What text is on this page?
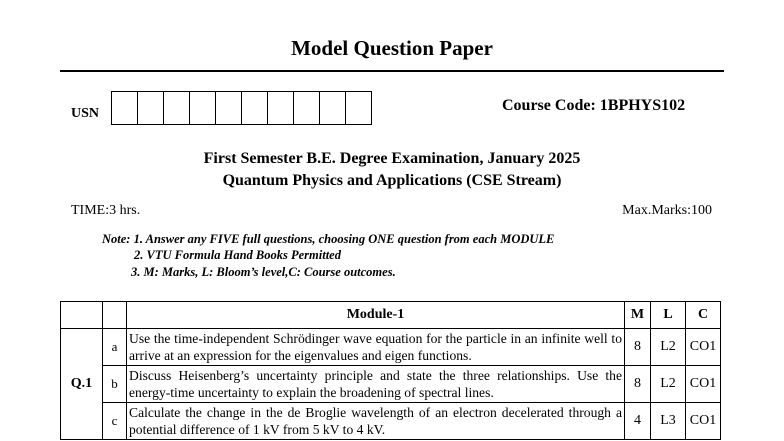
Model Question Paper
USN	Course Code: 1BPHYS102
First Semester B.E. Degree Examination, January 2025
Quantum Physics and Applications (CSE Stream)
TIME:3 hrs.	Max.Marks:100
Note: 1. Answer any FIVE full questions, choosing ONE question from each MODULE
2. VTU Formula Hand Books Permitted
3. M: Marks, L: Bloom’s level,C: Course outcomes.
		Module-1	M	L	C
Q.1	a	Use the time-independent Schrödinger wave equation for the particle in an infinite well to arrive at an expression for the eigenvalues and eigen functions.	8	L2	CO1
	b	Discuss Heisenberg’s uncertainty principle and state the three relationships. Use the energy-time uncertainty to explain the broadening of spectral lines.	8	L2	CO1
	c	Calculate the change in the de Broglie wavelength of an electron decelerated through a potential difference of 1 kV from 5 kV to 4 kV.	4	L3	CO1
